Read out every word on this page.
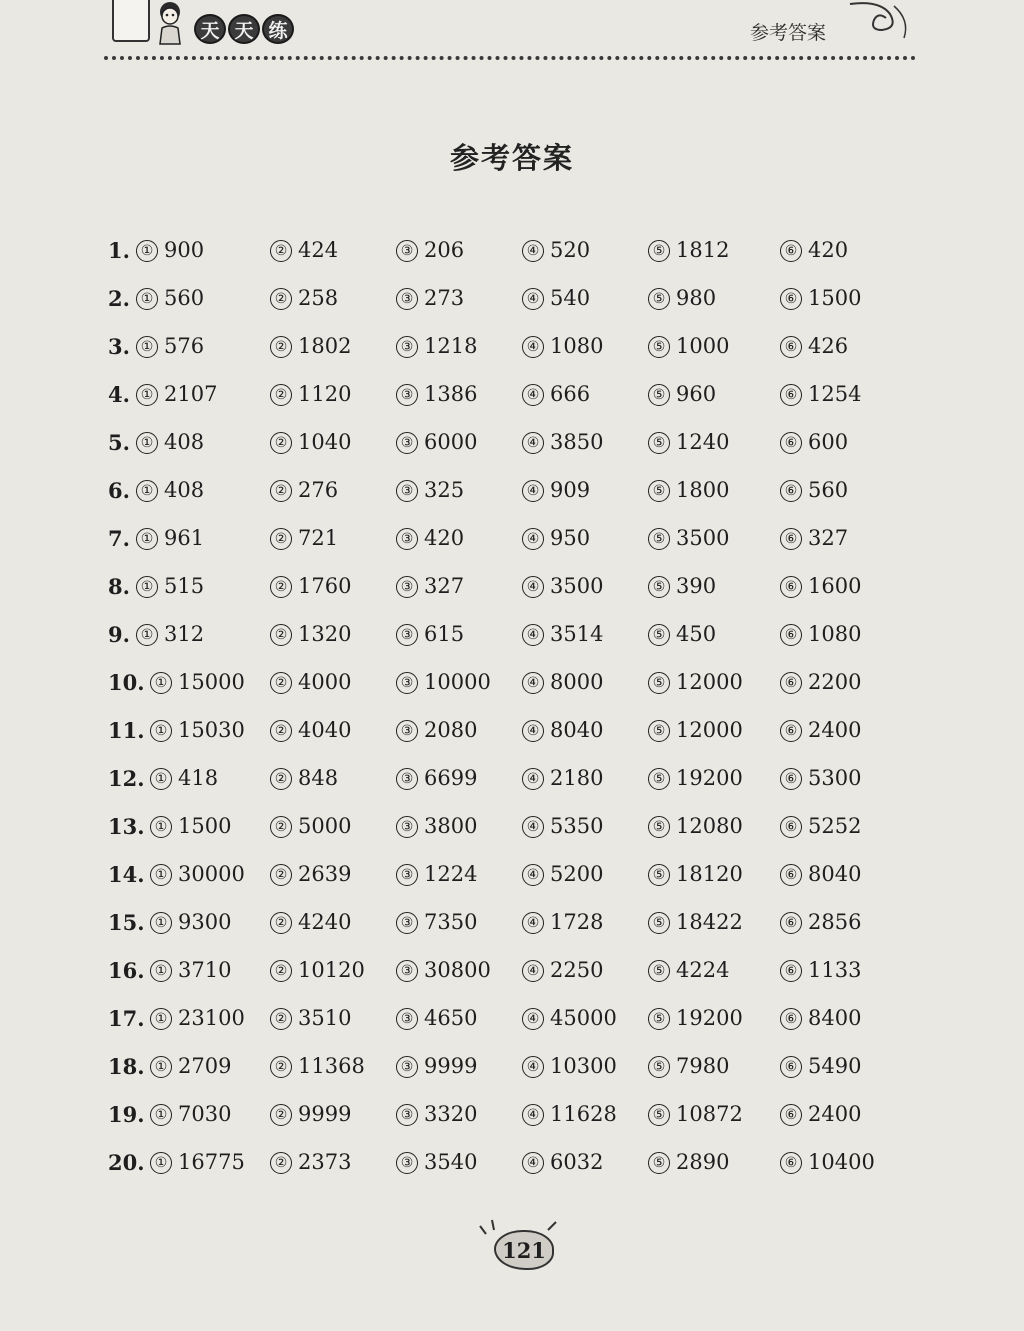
天 天 练	参考答案
参考答案
1. ① 900	② 424	③ 206	④ 520	⑤ 1812	⑥ 420
2. ① 560	② 258	③ 273	④ 540	⑤ 980	⑥ 1500
3. ① 576	② 1802	③ 1218	④ 1080	⑤ 1000	⑥ 426
4. ① 2107	② 1120	③ 1386	④ 666	⑤ 960	⑥ 1254
5. ① 408	② 1040	③ 6000	④ 3850	⑤ 1240	⑥ 600
6. ① 408	② 276	③ 325	④ 909	⑤ 1800	⑥ 560
7. ① 961	② 721	③ 420	④ 950	⑤ 3500	⑥ 327
8. ① 515	② 1760	③ 327	④ 3500	⑤ 390	⑥ 1600
9. ① 312	② 1320	③ 615	④ 3514	⑤ 450	⑥ 1080
10. ① 15000	② 4000	③ 10000	④ 8000	⑤ 12000	⑥ 2200
11. ① 15030	② 4040	③ 2080	④ 8040	⑤ 12000	⑥ 2400
12. ① 418	② 848	③ 6699	④ 2180	⑤ 19200	⑥ 5300
13. ① 1500	② 5000	③ 3800	④ 5350	⑤ 12080	⑥ 5252
14. ① 30000	② 2639	③ 1224	④ 5200	⑤ 18120	⑥ 8040
15. ① 9300	② 4240	③ 7350	④ 1728	⑤ 18422	⑥ 2856
16. ① 3710	② 10120	③ 30800	④ 2250	⑤ 4224	⑥ 1133
17. ① 23100	② 3510	③ 4650	④ 45000	⑤ 19200	⑥ 8400
18. ① 2709	② 11368	③ 9999	④ 10300	⑤ 7980	⑥ 5490
19. ① 7030	② 9999	③ 3320	④ 11628	⑤ 10872	⑥ 2400
20. ① 16775	② 2373	③ 3540	④ 6032	⑤ 2890	⑥ 10400
121
